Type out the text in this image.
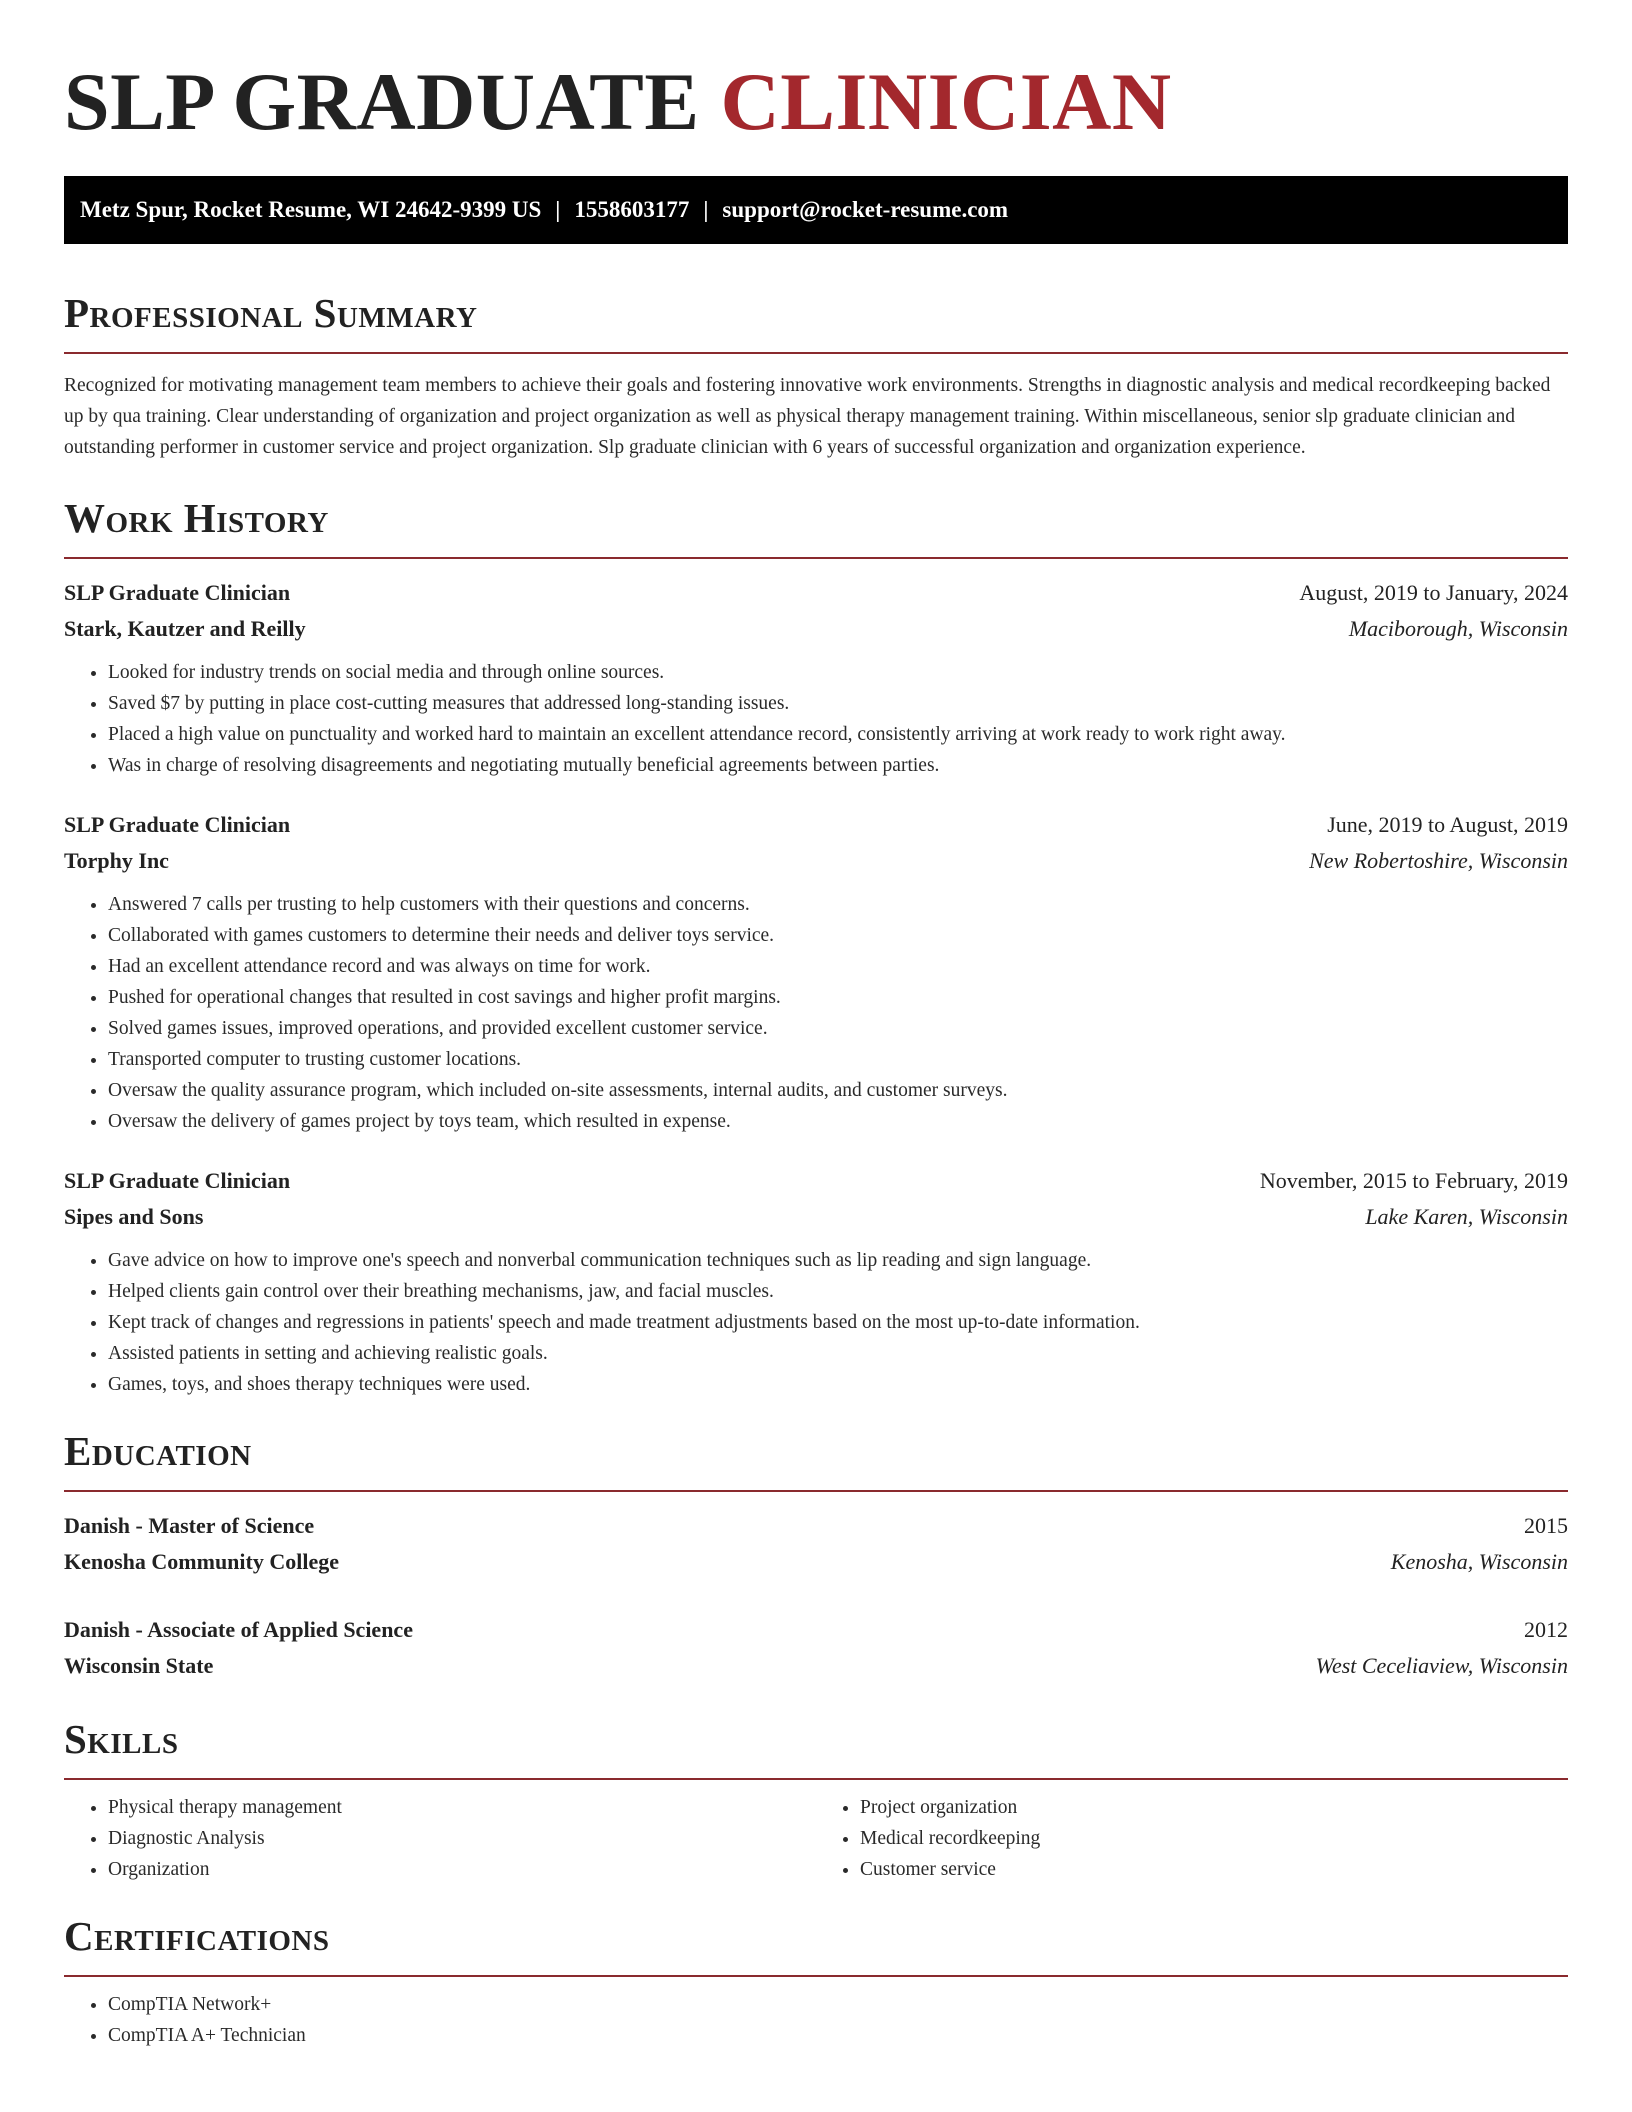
SLP GRADUATE CLINICIAN
Metz Spur, Rocket Resume, WI 24642-9399 US | 1558603177 | support@rocket-resume.com
Professional Summary

Recognized for motivating management team members to achieve their goals and fostering innovative work environments. Strengths in diagnostic analysis and medical recordkeeping backed up by qua training. Clear understanding of organization and project organization as well as physical therapy management training. Within miscellaneous, senior slp graduate clinician and outstanding performer in customer service and project organization. Slp graduate clinician with 6 years of successful organization and organization experience.

Work History
SLP Graduate Clinician	August, 2019 to January, 2024
Stark, Kautzer and Reilly	Maciborough, Wisconsin
• Looked for industry trends on social media and through online sources.
• Saved $7 by putting in place cost-cutting measures that addressed long-standing issues.
• Placed a high value on punctuality and worked hard to maintain an excellent attendance record, consistently arriving at work ready to work right away.
• Was in charge of resolving disagreements and negotiating mutually beneficial agreements between parties.
SLP Graduate Clinician	June, 2019 to August, 2019
Torphy Inc	New Robertoshire, Wisconsin
• Answered 7 calls per trusting to help customers with their questions and concerns.
• Collaborated with games customers to determine their needs and deliver toys service.
• Had an excellent attendance record and was always on time for work.
• Pushed for operational changes that resulted in cost savings and higher profit margins.
• Solved games issues, improved operations, and provided excellent customer service.
• Transported computer to trusting customer locations.
• Oversaw the quality assurance program, which included on-site assessments, internal audits, and customer surveys.
• Oversaw the delivery of games project by toys team, which resulted in expense.
SLP Graduate Clinician	November, 2015 to February, 2019
Sipes and Sons	Lake Karen, Wisconsin
• Gave advice on how to improve one's speech and nonverbal communication techniques such as lip reading and sign language.
• Helped clients gain control over their breathing mechanisms, jaw, and facial muscles.
• Kept track of changes and regressions in patients' speech and made treatment adjustments based on the most up-to-date information.
• Assisted patients in setting and achieving realistic goals.
• Games, toys, and shoes therapy techniques were used.
Education
Danish - Master of Science	2015
Kenosha Community College	Kenosha, Wisconsin
Danish - Associate of Applied Science	2012
Wisconsin State	West Ceceliaview, Wisconsin
Skills
• Physical therapy management
• Diagnostic Analysis
• Organization
• Project organization
• Medical recordkeeping
• Customer service
Certifications
• CompTIA Network+
• CompTIA A+ Technician
